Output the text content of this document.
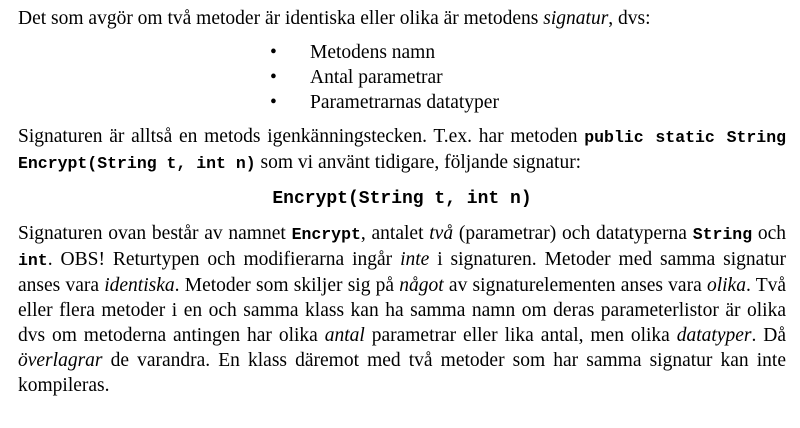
Det som avgör om två metoder är identiska eller olika är metodens signatur, dvs:

• Metodens namn
• Antal parametrar
• Parametrarnas datatyper

Signaturen är alltså en metods igenkänningstecken. T.ex. har metoden public static String Encrypt(String t, int n) som vi använt tidigare, följande signatur:

Encrypt(String t, int n)

Signaturen ovan består av namnet Encrypt, antalet två (parametrar) och datatyperna String och int. OBS! Returtypen och modifierarna ingår inte i signaturen. Metoder med samma signatur anses vara identiska. Metoder som skiljer sig på något av signaturelementen anses vara olika. Två eller flera metoder i en och samma klass kan ha samma namn om deras parameterlistor är olika dvs om metoderna antingen har olika antal parametrar eller lika antal, men olika datatyper. Då överlagrar de varandra. En klass däremot med två metoder som har samma signatur kan inte kompileras.
